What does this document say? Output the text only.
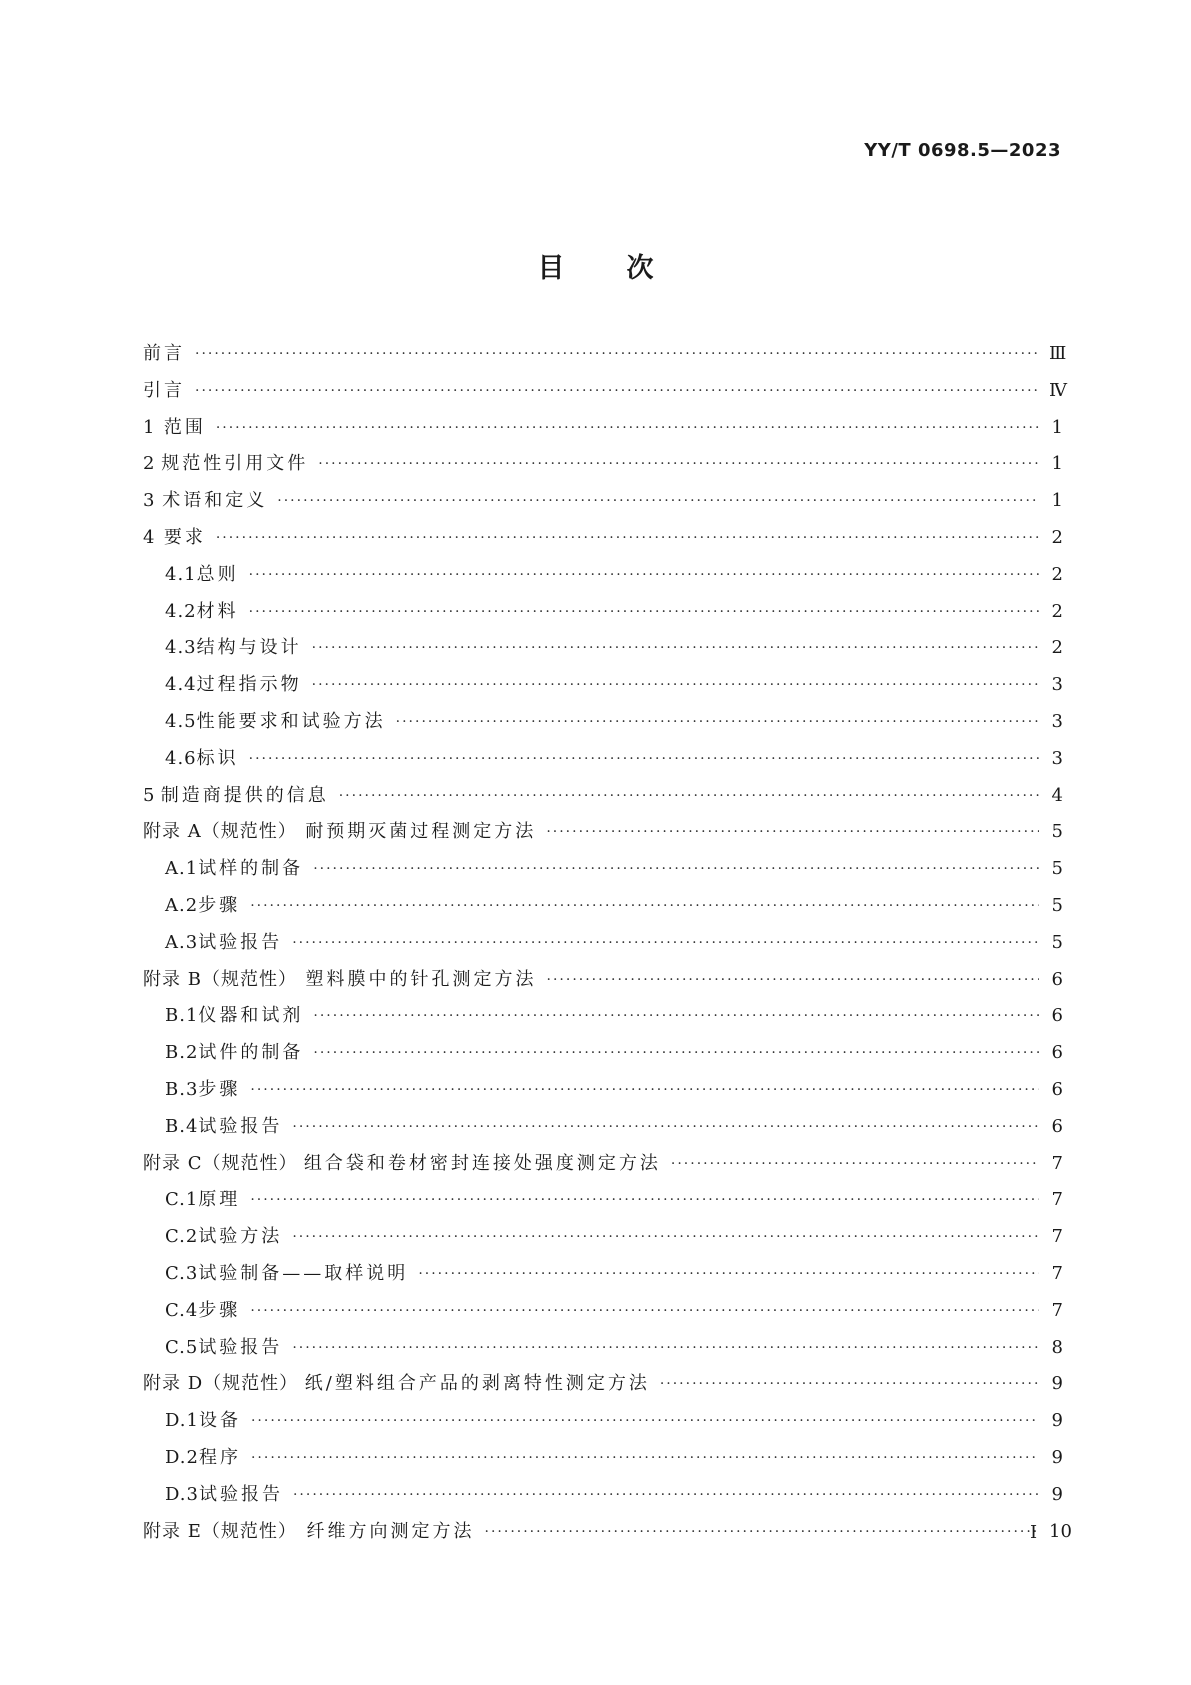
YY/T 0698.5—2023
目次
前言 ·····	Ⅲ
引言 ·····	Ⅳ
1 范围 ·····	1
2 规范性引用文件 ·····	1
3 术语和定义 ·····	1
4 要求 ·····	2
4.1 总则 ·····	2
4.2 材料 ·····	2
4.3 结构与设计 ·····	2
4.4 过程指示物 ·····	3
4.5 性能要求和试验方法 ·····	3
4.6 标识 ·····	3
5 制造商提供的信息 ·····	4
附录 A（规范性） 耐预期灭菌过程测定方法 ·····	5
A.1 试样的制备 ·····	5
A.2 步骤 ·····	5
A.3 试验报告 ·····	5
附录 B（规范性） 塑料膜中的针孔测定方法 ·····	6
B.1 仪器和试剂 ·····	6
B.2 试件的制备 ·····	6
B.3 步骤 ·····	6
B.4 试验报告 ·····	6
附录 C（规范性） 组合袋和卷材密封连接处强度测定方法 ·····	7
C.1 原理 ·····	7
C.2 试验方法 ·····	7
C.3 试验制备——取样说明 ·····	7
C.4 步骤 ·····	7
C.5 试验报告 ·····	8
附录 D（规范性） 纸/塑料组合产品的剥离特性测定方法 ·····	9
D.1 设备 ·····	9
D.2 程序 ·····	9
D.3 试验报告 ·····	9
附录 E（规范性） 纤维方向测定方法 ·····	10
I
